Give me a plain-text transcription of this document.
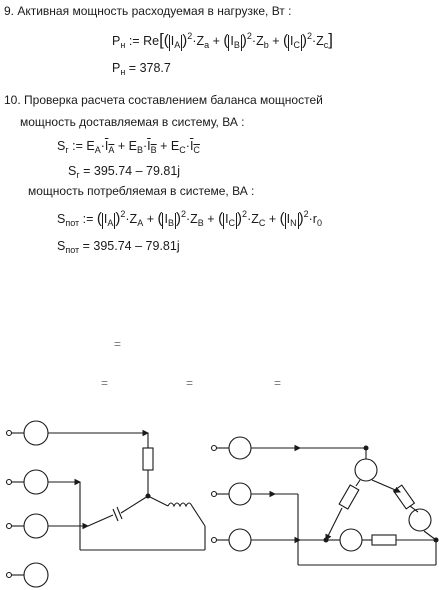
9. Активная мощность расходуемая в нагрузке, Вт :
$P_н$ := Re[( $I_A$ )$^2\cdot Z_a$ + ( $I_B$ )$^2\cdot Z_b$ + ( $I_C$ )$^2\cdot Z_c$]
$P_н = 378.7$
10. Проверка расчета составлением баланса мощностей
мощность доставляемая в систему, ВА :
$S_г$ := $E_A\cdot\overline{I}_{\overline{A}} + E_B\cdot\overline{I}_{\overline{B}} + E_C\cdot\overline{I}_{\overline{C}}$
$S_г = 395.74 - 79.81j$
мощность потребляемая в системе, ВА :
$S_{пот}$ := ( $I_A$ )$^2\cdot Z_A$ + ( $I_B$ )$^2\cdot Z_B$ + ( $I_C$ )$^2\cdot Z_C$ + ( $I_N$ )$^2\cdot r_0$
$S_{пот} = 395.74 - 79.81j$
=
=	=	=
